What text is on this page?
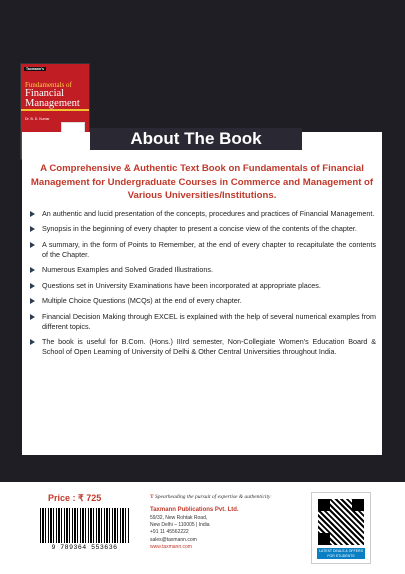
Taxmann's
Fundamentals of
Financial Management
Dr. B. D. Kumar
About The Book
A Comprehensive & Authentic Text Book on Fundamentals of Financial Management for Undergraduate Courses in Commerce and Management of Various Universities/Institutions.
An authentic and lucid presentation of the concepts, procedures and practices of Financial Management.
Synopsis in the beginning of every chapter to present a concise view of the contents of the chapter.
A summary, in the form of Points to Remember, at the end of every chapter to recapitulate the contents of the Chapter.
Numerous Examples and Solved Graded Illustrations.
Questions set in University Examinations have been incorporated at appropriate places.
Multiple Choice Questions (MCQs) at the end of every chapter.
Financial Decision Making through EXCEL is explained with the help of several numerical examples from different topics.
The book is useful for B.Com. (Hons.) IIIrd semester, Non-Collegiate Women's Education Board & School of Open Learning of University of Delhi & Other Central Universities throughout India.
Price : ₹ 725
9 789364 553636
T Spearheading the pursuit of expertise & authenticity
Taxmann Publications Pvt. Ltd.
59/32, New Rohtak Road,
New Delhi – 110005 | India
+91 11 45562222
sales@taxmann.com
www.taxmann.com
LATEST DEALS & OFFERS FOR STUDENTS
